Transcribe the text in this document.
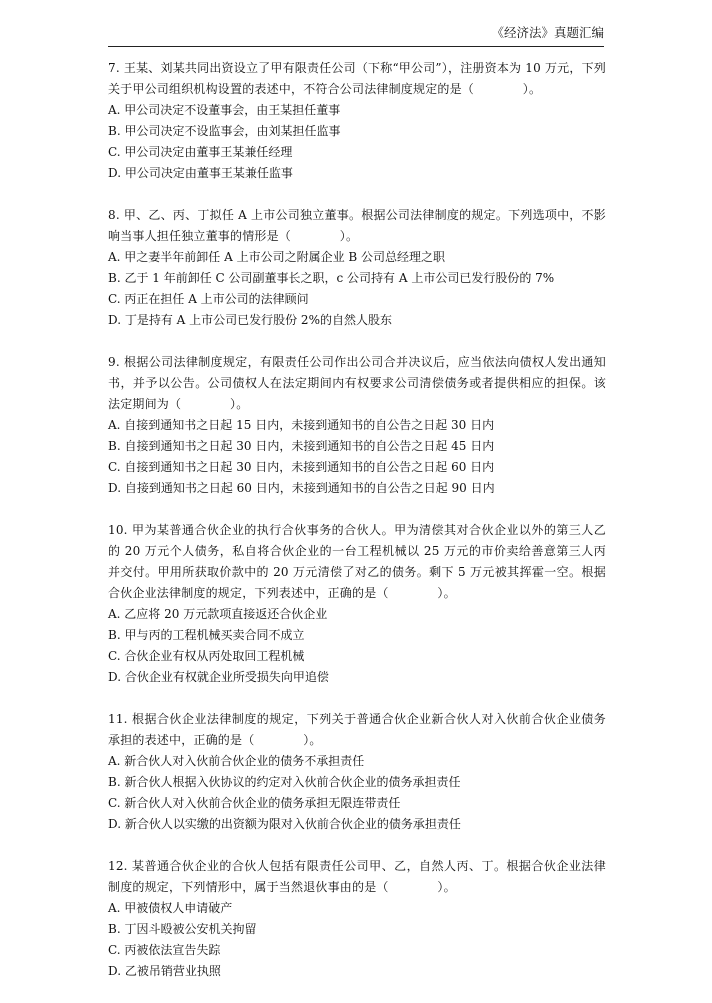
《经济法》真题汇编

7. 王某、刘某共同出资设立了甲有限责任公司（下称“甲公司”），注册资本为 10 万元，下列关于甲公司组织机构设置的表述中，不符合公司法律制度规定的是（　　　　）。

A. 甲公司决定不设董事会，由王某担任董事
B. 甲公司决定不设监事会，由刘某担任监事
C. 甲公司决定由董事王某兼任经理
D. 甲公司决定由董事王某兼任监事

8. 甲、乙、丙、丁拟任 A 上市公司独立董事。根据公司法律制度的规定。下列选项中，不影响当事人担任独立董事的情形是（　　　　）。

A. 甲之妻半年前卸任 A 上市公司之附属企业 B 公司总经理之职
B. 乙于 1 年前卸任 C 公司副董事长之职，c 公司持有 A 上市公司已发行股份的 7%
C. 丙正在担任 A 上市公司的法律顾问
D. 丁是持有 A 上市公司已发行股份 2%的自然人股东

9. 根据公司法律制度规定，有限责任公司作出公司合并决议后，应当依法向债权人发出通知书，并予以公告。公司债权人在法定期间内有权要求公司清偿债务或者提供相应的担保。该法定期间为（　　　　）。

A. 自接到通知书之日起 15 日内，未接到通知书的自公告之日起 30 日内
B. 自接到通知书之日起 30 日内，未接到通知书的自公告之日起 45 日内
C. 自接到通知书之日起 30 日内，未接到通知书的自公告之日起 60 日内
D. 自接到通知书之日起 60 日内，未接到通知书的自公告之日起 90 日内

10. 甲为某普通合伙企业的执行合伙事务的合伙人。甲为清偿其对合伙企业以外的第三人乙的 20 万元个人债务，私自将合伙企业的一台工程机械以 25 万元的市价卖给善意第三人丙并交付。甲用所获取价款中的 20 万元清偿了对乙的债务。剩下 5 万元被其挥霍一空。根据合伙企业法律制度的规定，下列表述中，正确的是（　　　　）。

A. 乙应将 20 万元款项直接返还合伙企业
B. 甲与丙的工程机械买卖合同不成立
C. 合伙企业有权从丙处取回工程机械
D. 合伙企业有权就企业所受损失向甲追偿

11. 根据合伙企业法律制度的规定，下列关于普通合伙企业新合伙人对入伙前合伙企业债务承担的表述中，正确的是（　　　　）。

A. 新合伙人对入伙前合伙企业的债务不承担责任
B. 新合伙人根据入伙协议的约定对入伙前合伙企业的债务承担责任
C. 新合伙人对入伙前合伙企业的债务承担无限连带责任
D. 新合伙人以实缴的出资额为限对入伙前合伙企业的债务承担责任

12. 某普通合伙企业的合伙人包括有限责任公司甲、乙，自然人丙、丁。根据合伙企业法律制度的规定，下列情形中，属于当然退伙事由的是（　　　　）。

A. 甲被债权人申请破产
B. 丁因斗殴被公安机关拘留
C. 丙被依法宣告失踪
D. 乙被吊销营业执照
